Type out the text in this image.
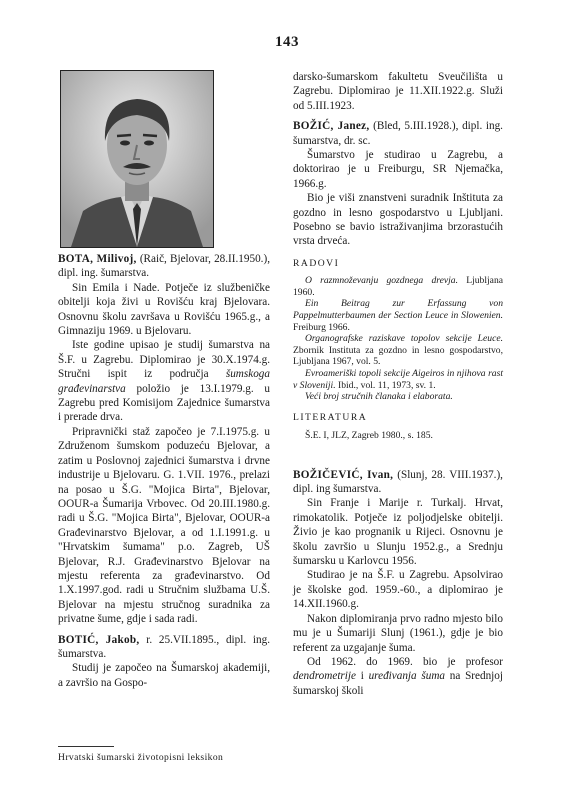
143

BOTA, Milivoj, (Raič, Bjelovar, 28.II.1950.), dipl. ing. šumarstva.

Sin Emila i Nade. Potječe iz službeničke obitelji koja živi u Rovišću kraj Bjelovara. Osnovnu školu završava u Rovišću 1965.g., a Gimnaziju 1969. u Bjelovaru.

Iste godine upisao je studij šumarstva na Š.F. u Zagrebu. Diplomirao je 30.X.1974.g. Stručni ispit iz područja šumskoga građevinarstva položio je 13.I.1979.g. u Zagrebu pred Komisijom Zajednice šumarstva i prerade drva.

Pripravnički staž započeo je 7.I.1975.g. u Združenom šumskom poduzeću Bjelovar, a zatim u Poslovnoj zajednici šumarstva i drvne industrije u Bjelovaru. G. 1.VII. 1976., prelazi na posao u Š.G. "Mojica Birta", Bjelovar, OOUR-a Šumarija Vrbovec. Od 20.III.1980.g. radi u Š.G. "Mojica Birta", Bjelovar, OOUR-a Građevinarstvo Bjelovar, a od 1.I.1991.g. u "Hrvatskim šumama" p.o. Zagreb, UŠ Bjelovar, R.J. Građevinarstvo Bjelovar na mjestu referenta za građevinarstvo. Od 1.X.1997.god. radi u Stručnim službama U.Š. Bjelovar na mjestu stručnog suradnika za privatne šume, gdje i sada radi.

BOTIĆ, Jakob, r. 25.VII.1895., dipl. ing. šumarstva.

Studij je započeo na Šumarskoj akademiji, a završio na Gospo-

darsko-šumarskom fakultetu Sveučilišta u Zagrebu. Diplomirao je 11.XII.1922.g. Služi od 5.III.1923.

BOŽIĆ, Janez, (Bled, 5.III.1928.), dipl. ing. šumarstva, dr. sc.

Šumarstvo je studirao u Zagrebu, a doktorirao je u Freiburgu, SR Njemačka, 1966.g.

Bio je viši znanstveni suradnik Inštituta za gozdno in lesno gospodarstvo u Ljubljani. Posebno se bavio istraživanjima brzorastućih vrsta drveća.

RADOVI

O razmnoževanju gozdnega drevja. Ljubljana 1960.

Ein Beitrag zur Erfassung von Pappelmutterbaumen der Section Leuce in Slowenien. Freiburg 1966.

Organografske raziskave topolov sekcije Leuce. Zbornik Instituta za gozdno in lesno gospodarstvo, Ljubljana 1967, vol. 5.

Evroameriški topoli sekcije Aigeiros in njihova rast v Sloveniji. Ibid., vol. 11, 1973, sv. 1.

Veći broj stručnih članaka i elaborata.

LITERATURA
Š.E. I, JLZ, Zagreb 1980., s. 185.

BOŽIČEVIĆ, Ivan, (Slunj, 28. VIII.1937.), dipl. ing šumarstva.

Sin Franje i Marije r. Turkalj. Hrvat, rimokatolik. Potječe iz poljodjelske obitelji. Živio je kao prognanik u Rijeci. Osnovnu je školu završio u Slunju 1952.g., a Srednju šumarsku u Karlovcu 1956.

Studirao je na Š.F. u Zagrebu. Apsolvirao je školske god. 1959.-60., a diplomirao je 14.XII.1960.g.

Nakon diplomiranja prvo radno mjesto bilo mu je u Šumariji Slunj (1961.), gdje je bio referent za uzgajanje šuma.

Od 1962. do 1969. bio je profesor dendrometrije i uređivanja šuma na Srednjoj šumarskoj školi

Hrvatski šumarski životopisni leksikon
